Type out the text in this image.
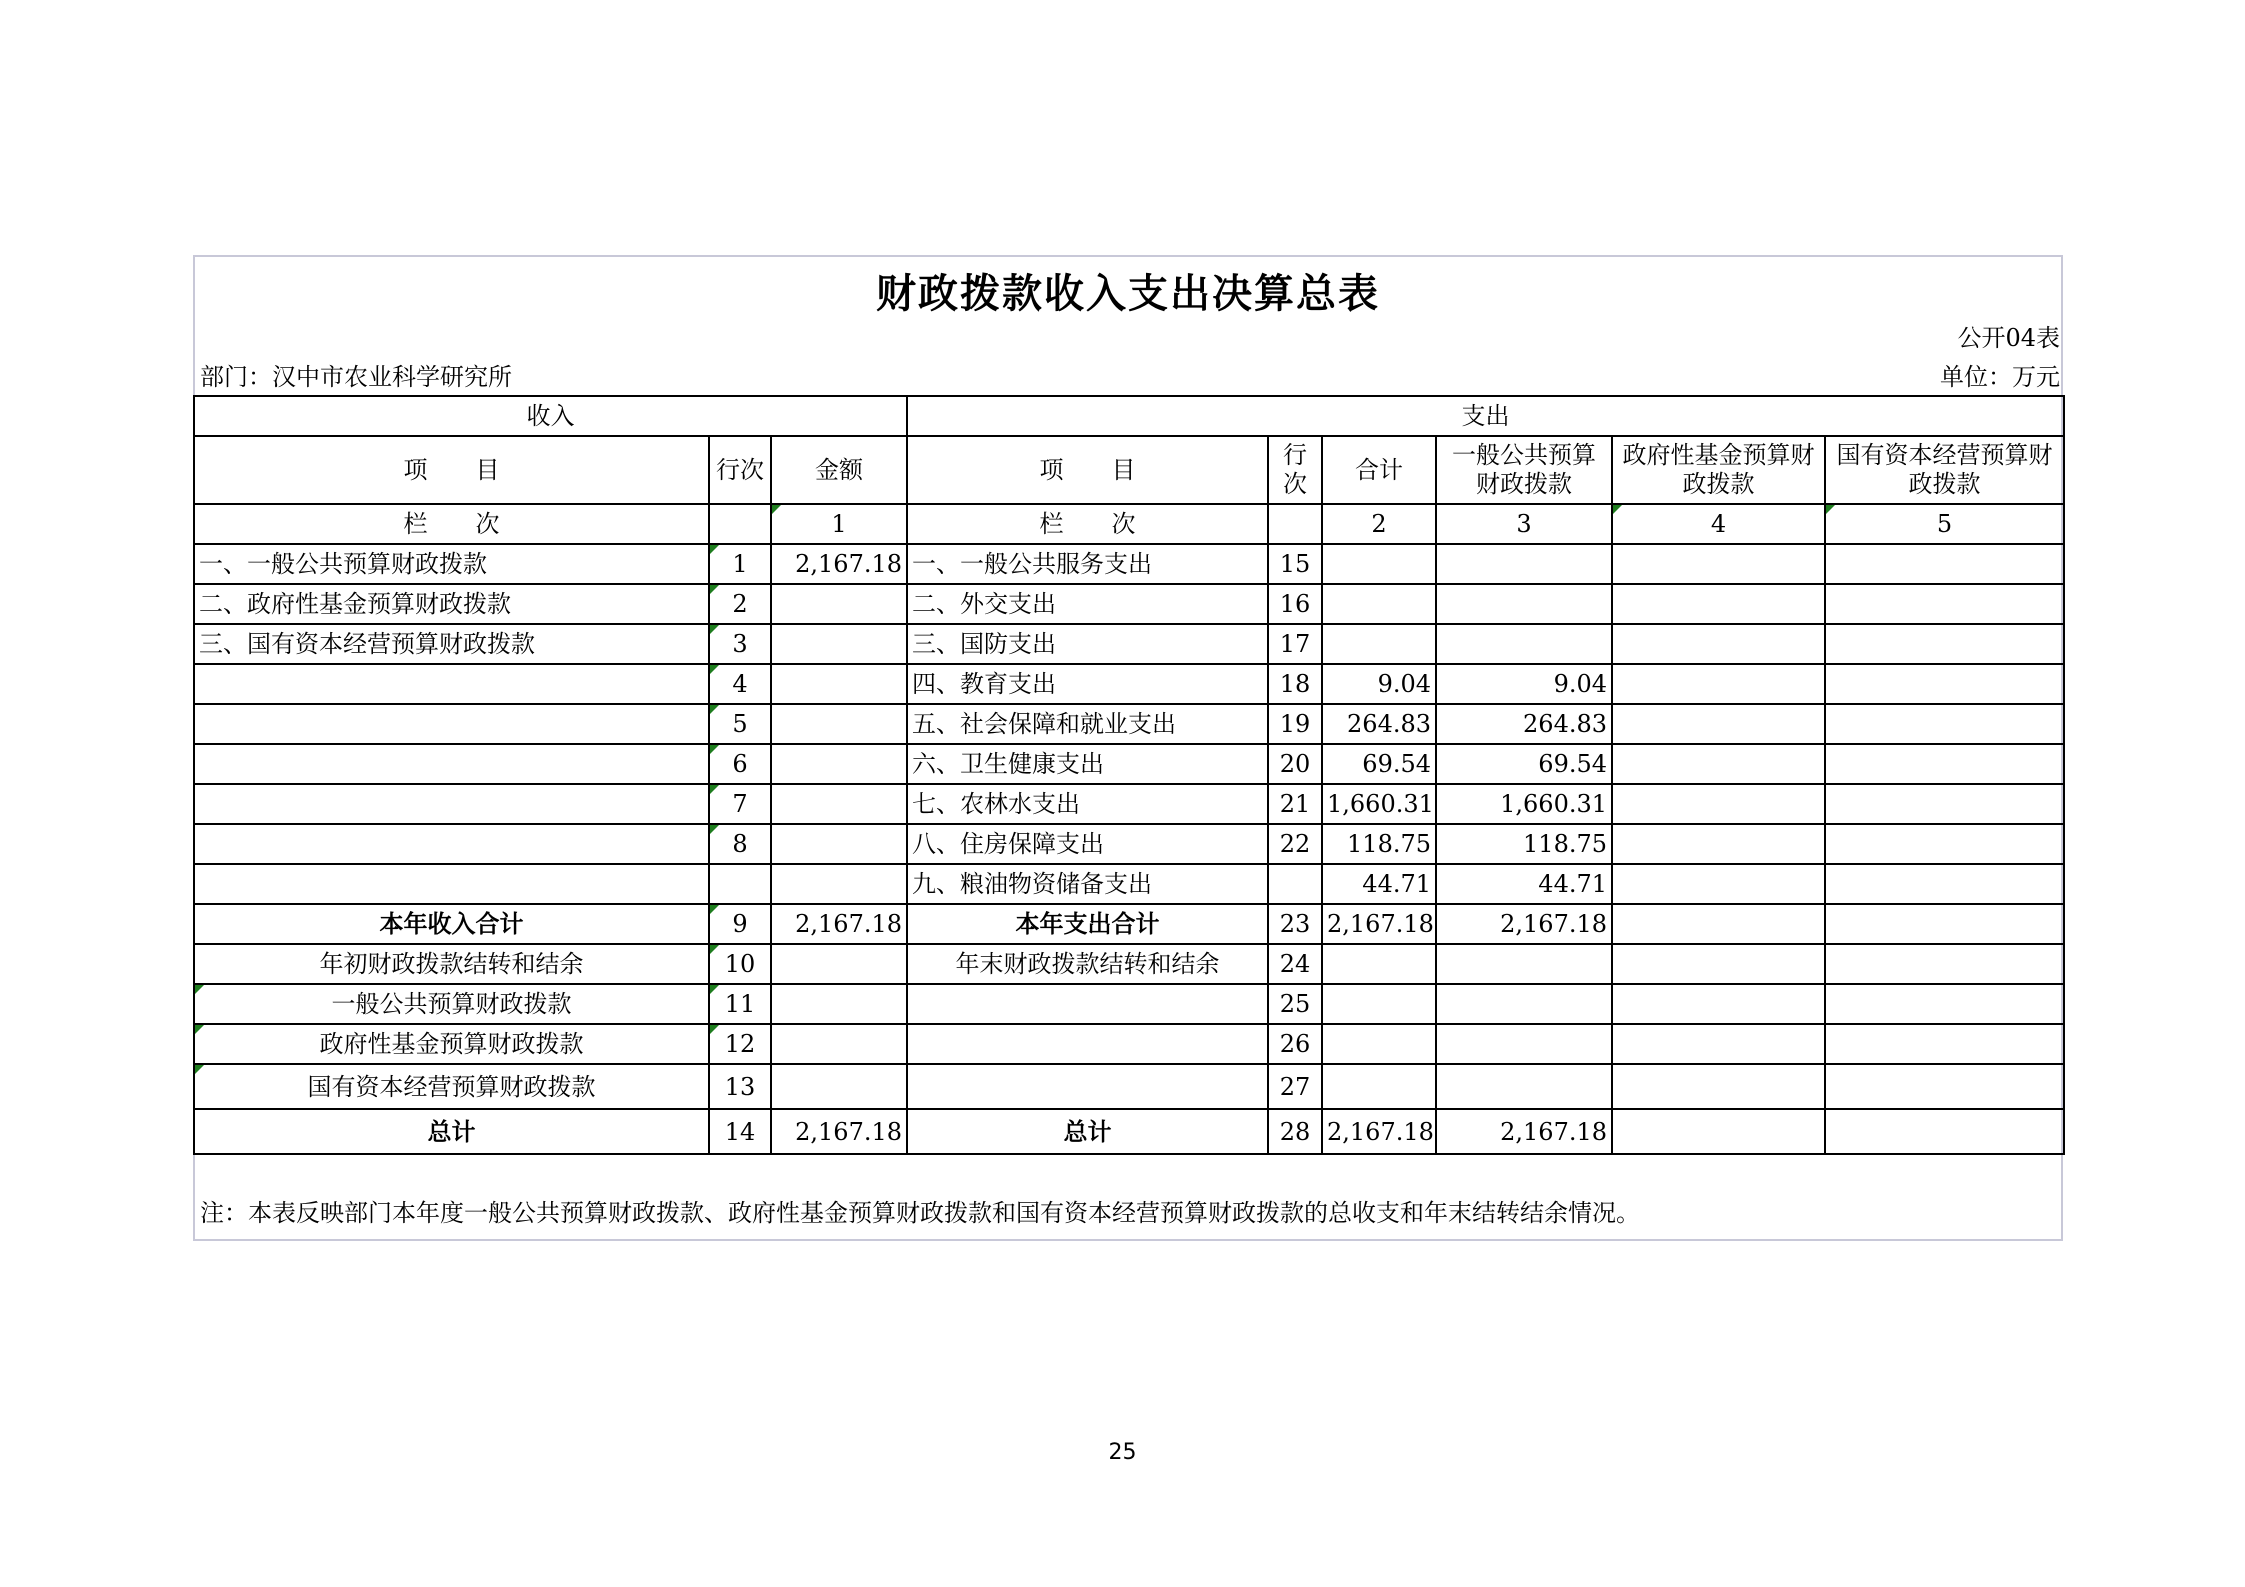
财政拨款收入支出决算总表
公开04表
部门：汉中市农业科学研究所	单位：万元
收入			支出					
项　　目	行次	金额	项　　目	行次	合计	一般公共预算财政拨款	政府性基金预算财政拨款	国有资本经营预算财政拨款
栏　　次		1	栏　　次		2	3	4	5
一、一般公共预算财政拨款	1	2,167.18	一、一般公共服务支出	15				
二、政府性基金预算财政拨款	2		二、外交支出	16				
三、国有资本经营预算财政拨款	3		三、国防支出	17				
	4		四、教育支出	18	9.04	9.04		
	5		五、社会保障和就业支出	19	264.83	264.83		
	6		六、卫生健康支出	20	69.54	69.54		
	7		七、农林水支出	21	1,660.31	1,660.31		
	8		八、住房保障支出	22	118.75	118.75		
			九、粮油物资储备支出		44.71	44.71		
本年收入合计	9	2,167.18	本年支出合计	23	2,167.18	2,167.18		
年初财政拨款结转和结余	10		年末财政拨款结转和结余	24				
一般公共预算财政拨款	11			25				
政府性基金预算财政拨款	12			26				
国有资本经营预算财政拨款	13			27				
总计	14	2,167.18	总计	28	2,167.18	2,167.18		
注：本表反映部门本年度一般公共预算财政拨款、政府性基金预算财政拨款和国有资本经营预算财政拨款的总收支和年末结转结余情况。
25
